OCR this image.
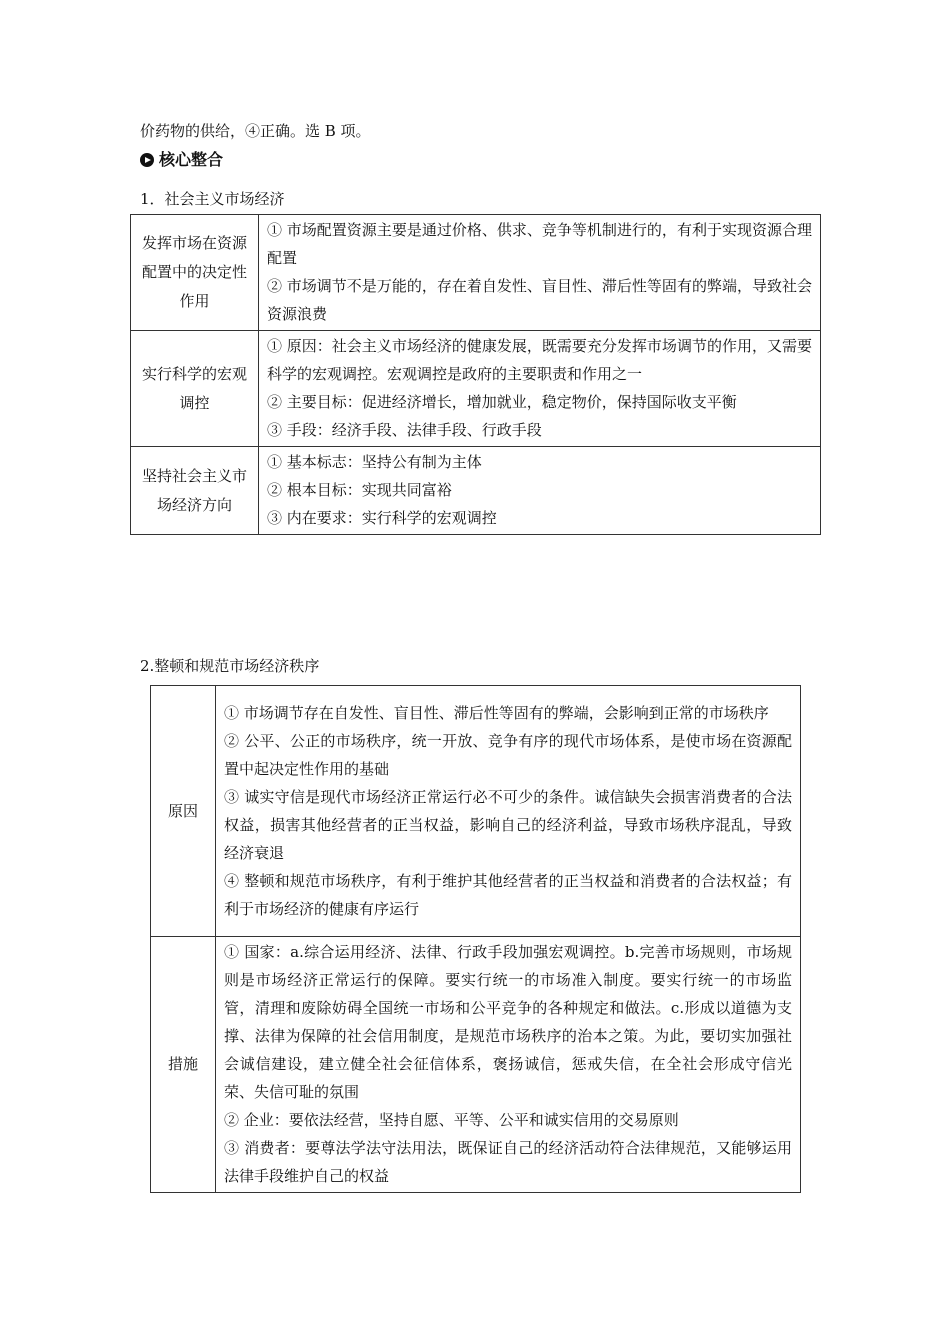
价药物的供给，④正确。选 B 项。
核心整合
1．社会主义市场经济
发挥市场在资源配置中的决定性作用	① 市场配置资源主要是通过价格、供求、竞争等机制进行的，有利于实现资源合理配置

② 市场调节不是万能的，存在着自发性、盲目性、滞后性等固有的弊端，导致社会资源浪费

实行科学的宏观调控	① 原因：社会主义市场经济的健康发展，既需要充分发挥市场调节的作用，又需要科学的宏观调控。宏观调控是政府的主要职责和作用之一

② 主要目标：促进经济增长，增加就业，稳定物价，保持国际收支平衡

③ 手段：经济手段、法律手段、行政手段

坚持社会主义市场经济方向	① 基本标志：坚持公有制为主体

② 根本目标：实现共同富裕

③ 内在要求：实行科学的宏观调控

2.整顿和规范市场经济秩序
原因	① 市场调节存在自发性、盲目性、滞后性等固有的弊端，会影响到正常的市场秩序

② 公平、公正的市场秩序，统一开放、竞争有序的现代市场体系，是使市场在资源配置中起决定性作用的基础

③ 诚实守信是现代市场经济正常运行必不可少的条件。诚信缺失会损害消费者的合法权益，损害其他经营者的正当权益，影响自己的经济利益，导致市场秩序混乱，导致经济衰退

④ 整顿和规范市场秩序，有利于维护其他经营者的正当权益和消费者的合法权益；有利于市场经济的健康有序运行

措施	① 国家：a.综合运用经济、法律、行政手段加强宏观调控。b.完善市场规则，市场规则是市场经济正常运行的保障。要实行统一的市场准入制度。要实行统一的市场监管，清理和废除妨碍全国统一市场和公平竞争的各种规定和做法。c.形成以道德为支撑、法律为保障的社会信用制度，是规范市场秩序的治本之策。为此，要切实加强社会诚信建设，建立健全社会征信体系，褒扬诚信，惩戒失信，在全社会形成守信光荣、失信可耻的氛围

② 企业：要依法经营，坚持自愿、平等、公平和诚实信用的交易原则

③ 消费者：要尊法学法守法用法，既保证自己的经济活动符合法律规范，又能够运用法律手段维护自己的权益
